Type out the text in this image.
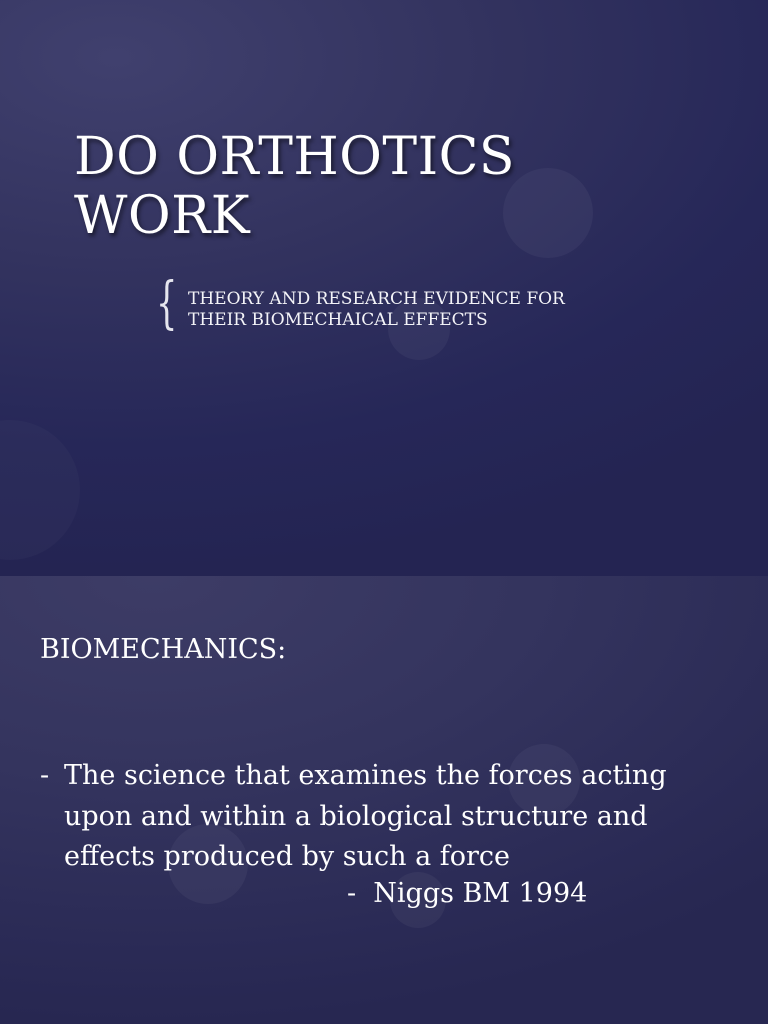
DO ORTHOTICS
WORK
{ THEORY AND RESEARCH EVIDENCE FOR
THEIR BIOMECHAICAL EFFECTS

BIOMECHANICS:
- The science that examines the forces acting
upon and within a biological structure and
effects produced by such a force
-  Niggs BM 1994
